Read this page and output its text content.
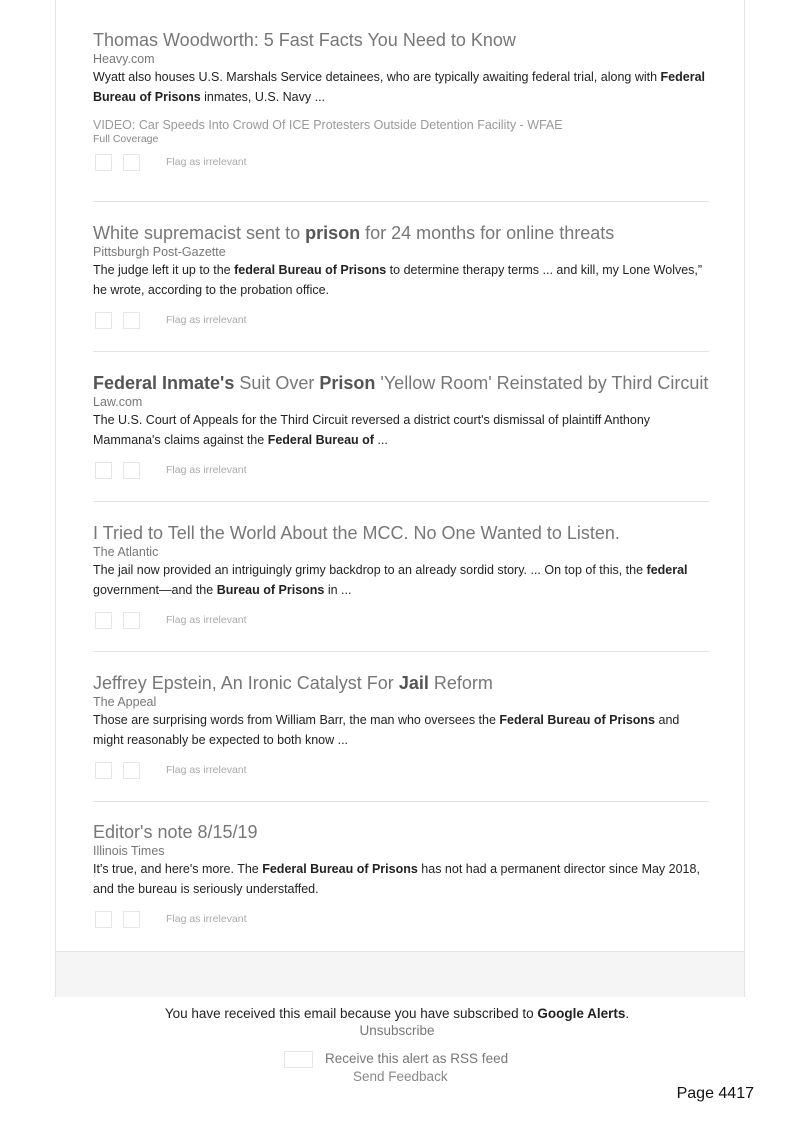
Thomas Woodworth: 5 Fast Facts You Need to Know
Heavy.com
Wyatt also houses U.S. Marshals Service detainees, who are typically awaiting federal trial, along with Federal Bureau of Prisons inmates, U.S. Navy ...
VIDEO: Car Speeds Into Crowd Of ICE Protesters Outside Detention Facility - WFAE
Full Coverage
Flag as irrelevant
White supremacist sent to prison for 24 months for online threats
Pittsburgh Post-Gazette
The judge left it up to the federal Bureau of Prisons to determine therapy terms ... and kill, my Lone Wolves,” he wrote, according to the probation office.
Flag as irrelevant
Federal Inmate's Suit Over Prison 'Yellow Room' Reinstated by Third Circuit
Law.com
The U.S. Court of Appeals for the Third Circuit reversed a district court's dismissal of plaintiff Anthony Mammana's claims against the Federal Bureau of ...
Flag as irrelevant
I Tried to Tell the World About the MCC. No One Wanted to Listen.
The Atlantic
The jail now provided an intriguingly grimy backdrop to an already sordid story. ... On top of this, the federal government—and the Bureau of Prisons in ...
Flag as irrelevant
Jeffrey Epstein, An Ironic Catalyst For Jail Reform
The Appeal
Those are surprising words from William Barr, the man who oversees the Federal Bureau of Prisons and might reasonably be expected to both know ...
Flag as irrelevant
Editor's note 8/15/19
Illinois Times
It's true, and here's more. The Federal Bureau of Prisons has not had a permanent director since May 2018, and the bureau is seriously understaffed.
Flag as irrelevant
You have received this email because you have subscribed to Google Alerts.
Unsubscribe
Receive this alert as RSS feed
Send Feedback
Page 4417
